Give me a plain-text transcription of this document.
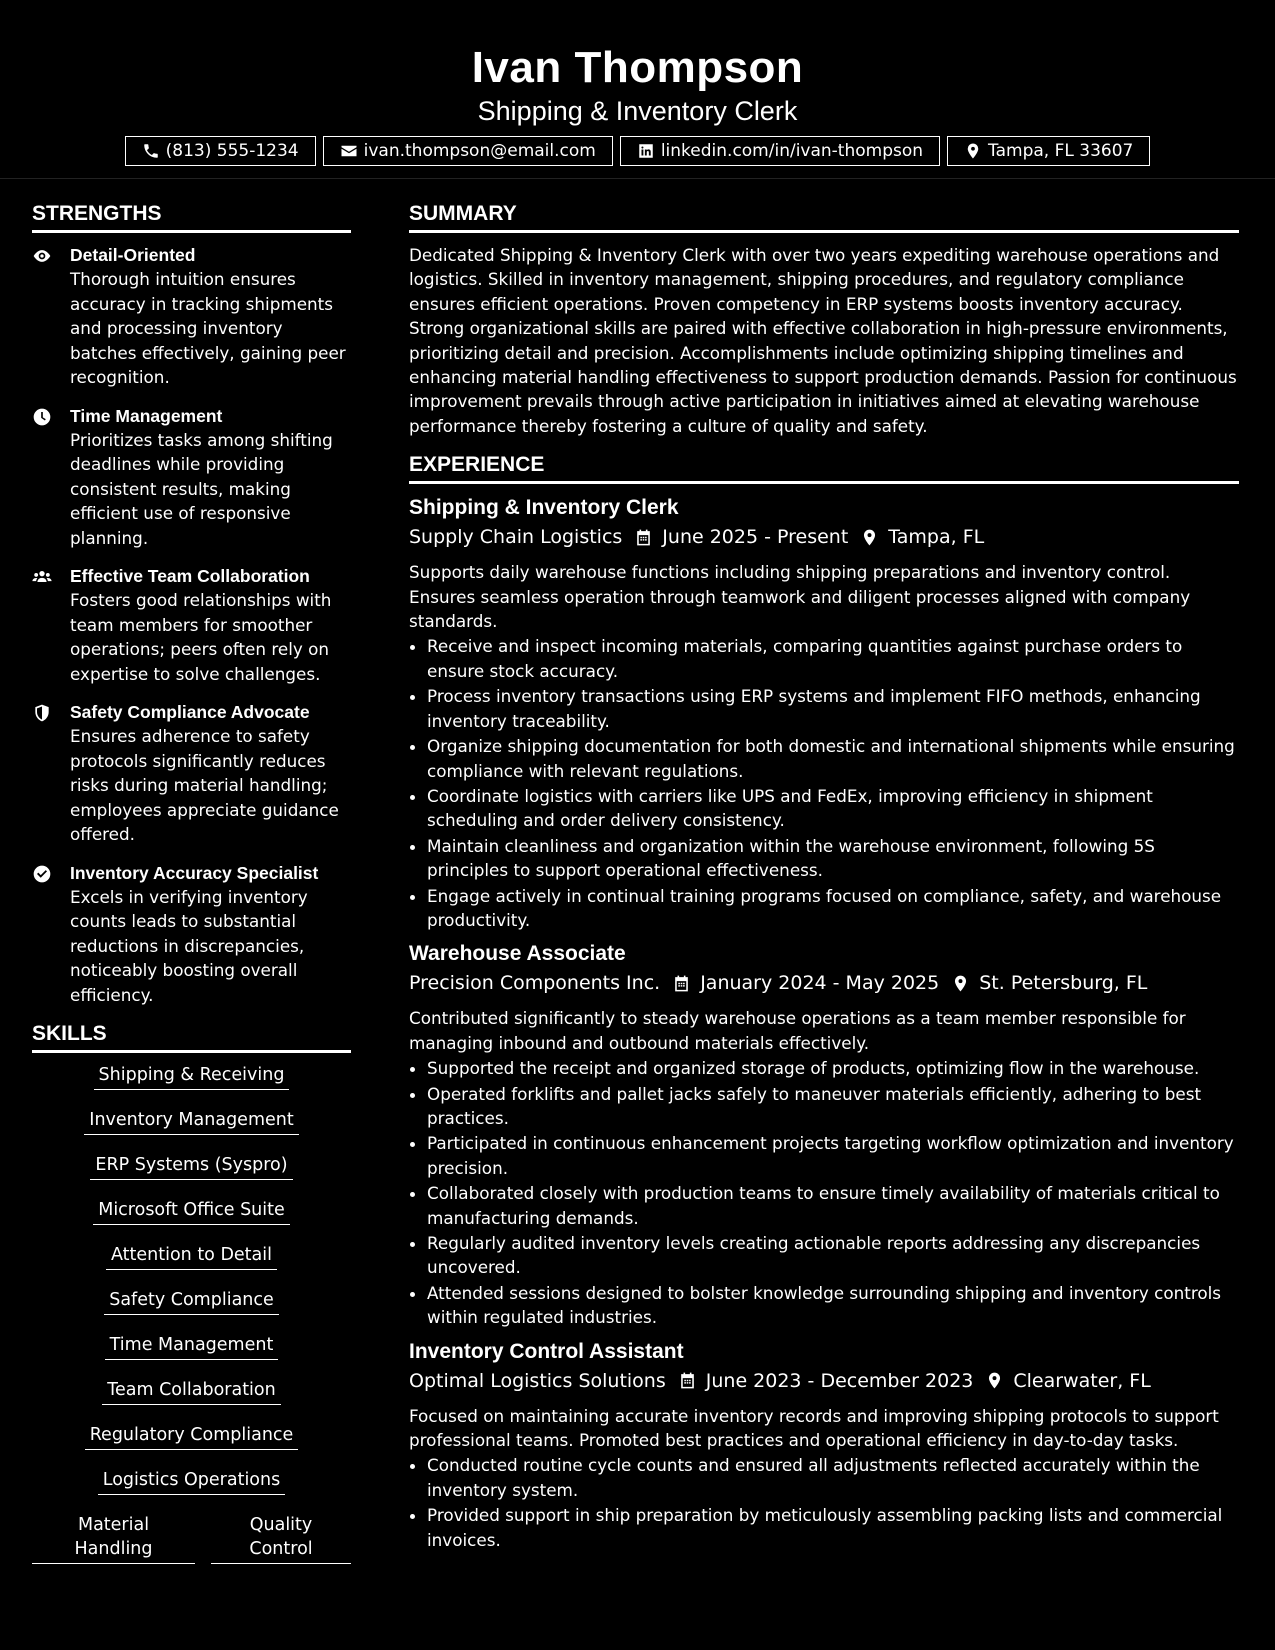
Ivan Thompson
Shipping & Inventory Clerk
(813) 555-1234	ivan.thompson@email.com	linkedin.com/in/ivan-thompson	Tampa, FL 33607
STRENGTHS
Detail-Oriented
Thorough intuition ensures accuracy in tracking shipments and processing inventory batches effectively, gaining peer recognition.
Time Management
Prioritizes tasks among shifting deadlines while providing consistent results, making efficient use of responsive planning.
Effective Team Collaboration
Fosters good relationships with team members for smoother operations; peers often rely on expertise to solve challenges.
Safety Compliance Advocate
Ensures adherence to safety protocols significantly reduces risks during material handling; employees appreciate guidance offered.
Inventory Accuracy Specialist
Excels in verifying inventory counts leads to substantial reductions in discrepancies, noticeably boosting overall efficiency.
SKILLS
Shipping & Receiving
Inventory Management
ERP Systems (Syspro)
Microsoft Office Suite
Attention to Detail
Safety Compliance
Time Management
Team Collaboration
Regulatory Compliance
Logistics Operations
Material Handling
Quality Control
SUMMARY
Dedicated Shipping & Inventory Clerk with over two years expediting warehouse operations and logistics. Skilled in inventory management, shipping procedures, and regulatory compliance ensures efficient operations. Proven competency in ERP systems boosts inventory accuracy. Strong organizational skills are paired with effective collaboration in high-pressure environments, prioritizing detail and precision. Accomplishments include optimizing shipping timelines and enhancing material handling effectiveness to support production demands. Passion for continuous improvement prevails through active participation in initiatives aimed at elevating warehouse performance thereby fostering a culture of quality and safety.
EXPERIENCE
Shipping & Inventory Clerk
Supply Chain Logistics June 2025 - Present Tampa, FL
Supports daily warehouse functions including shipping preparations and inventory control. Ensures seamless operation through teamwork and diligent processes aligned with company standards.
• Receive and inspect incoming materials, comparing quantities against purchase orders to ensure stock accuracy.
• Process inventory transactions using ERP systems and implement FIFO methods, enhancing inventory traceability.
• Organize shipping documentation for both domestic and international shipments while ensuring compliance with relevant regulations.
• Coordinate logistics with carriers like UPS and FedEx, improving efficiency in shipment scheduling and order delivery consistency.
• Maintain cleanliness and organization within the warehouse environment, following 5S principles to support operational effectiveness.
• Engage actively in continual training programs focused on compliance, safety, and warehouse productivity.
Warehouse Associate
Precision Components Inc. January 2024 - May 2025 St. Petersburg, FL
Contributed significantly to steady warehouse operations as a team member responsible for managing inbound and outbound materials effectively.
• Supported the receipt and organized storage of products, optimizing flow in the warehouse.
• Operated forklifts and pallet jacks safely to maneuver materials efficiently, adhering to best practices.
• Participated in continuous enhancement projects targeting workflow optimization and inventory precision.
• Collaborated closely with production teams to ensure timely availability of materials critical to manufacturing demands.
• Regularly audited inventory levels creating actionable reports addressing any discrepancies uncovered.
• Attended sessions designed to bolster knowledge surrounding shipping and inventory controls within regulated industries.
Inventory Control Assistant
Optimal Logistics Solutions June 2023 - December 2023 Clearwater, FL
Focused on maintaining accurate inventory records and improving shipping protocols to support professional teams. Promoted best practices and operational efficiency in day-to-day tasks.
• Conducted routine cycle counts and ensured all adjustments reflected accurately within the inventory system.
• Provided support in ship preparation by meticulously assembling packing lists and commercial invoices.
